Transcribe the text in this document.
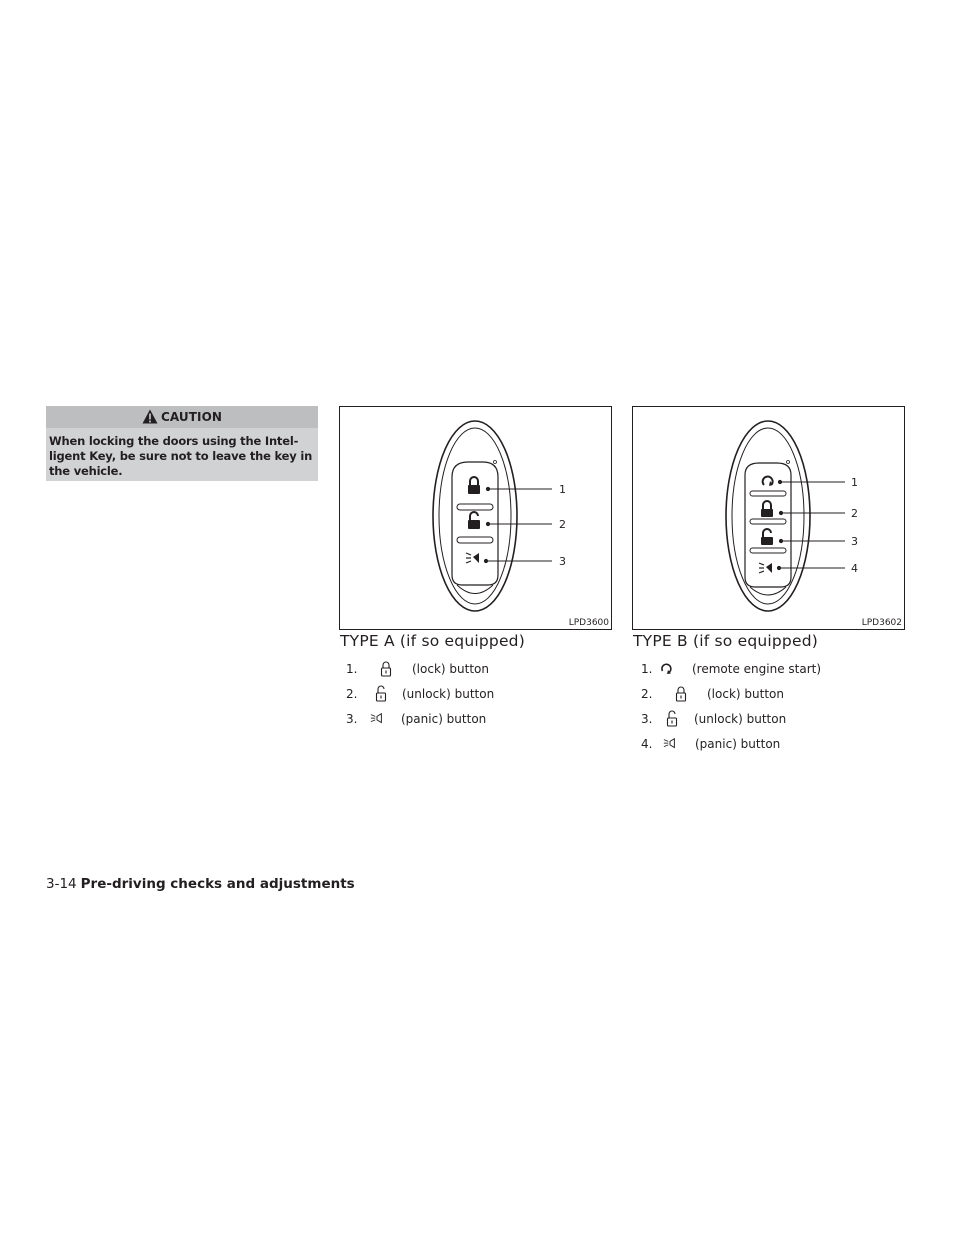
CAUTION
When locking the doors using the Intel-
ligent Key, be sure not to leave the key in
the vehicle.
1
2
3
LPD3600
1
2
3
4
LPD3602
TYPE A (if so equipped)	TYPE B (if so equipped)
1.	(lock) button
2.	(unlock) button
3.	(panic) button
1.	(remote engine start)
2.	(lock) button
3.	(unlock) button
4.	(panic) button
3-14 Pre-driving checks and adjustments
